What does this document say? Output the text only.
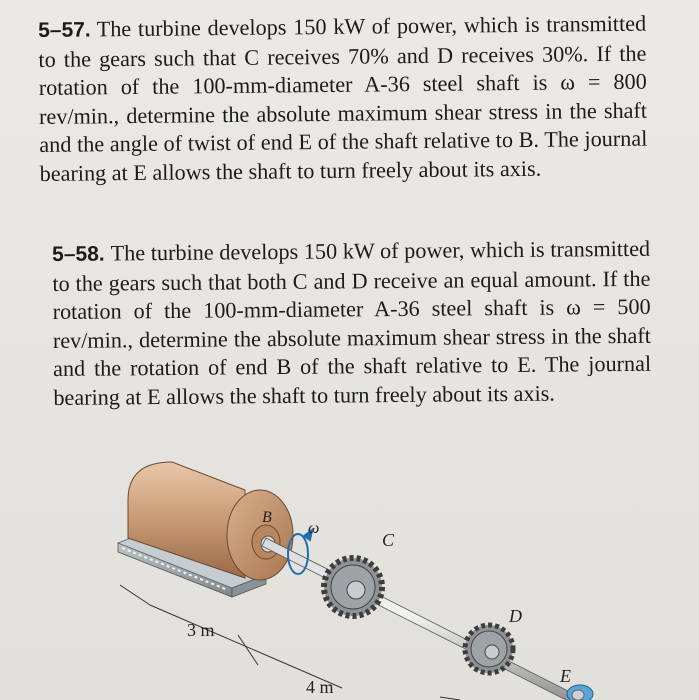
5–57. The turbine develops 150 kW of power, which is transmitted to the gears such that C receives 70% and D receives 30%. If the rotation of the 100-mm-diameter A-36 steel shaft is ω = 800 rev/min., determine the absolute maximum shear stress in the shaft and the angle of twist of end E of the shaft relative to B. The journal bearing at E allows the shaft to turn freely about its axis.

5–58. The turbine develops 150 kW of power, which is transmitted to the gears such that both C and D receive an equal amount. If the rotation of the 100-mm-diameter A-36 steel shaft is ω = 500 rev/min., determine the absolute maximum shear stress in the shaft and the rotation of end B of the shaft relative to E. The journal bearing at E allows the shaft to turn freely about its axis.

B
ω
C
D
E
3 m
4 m
